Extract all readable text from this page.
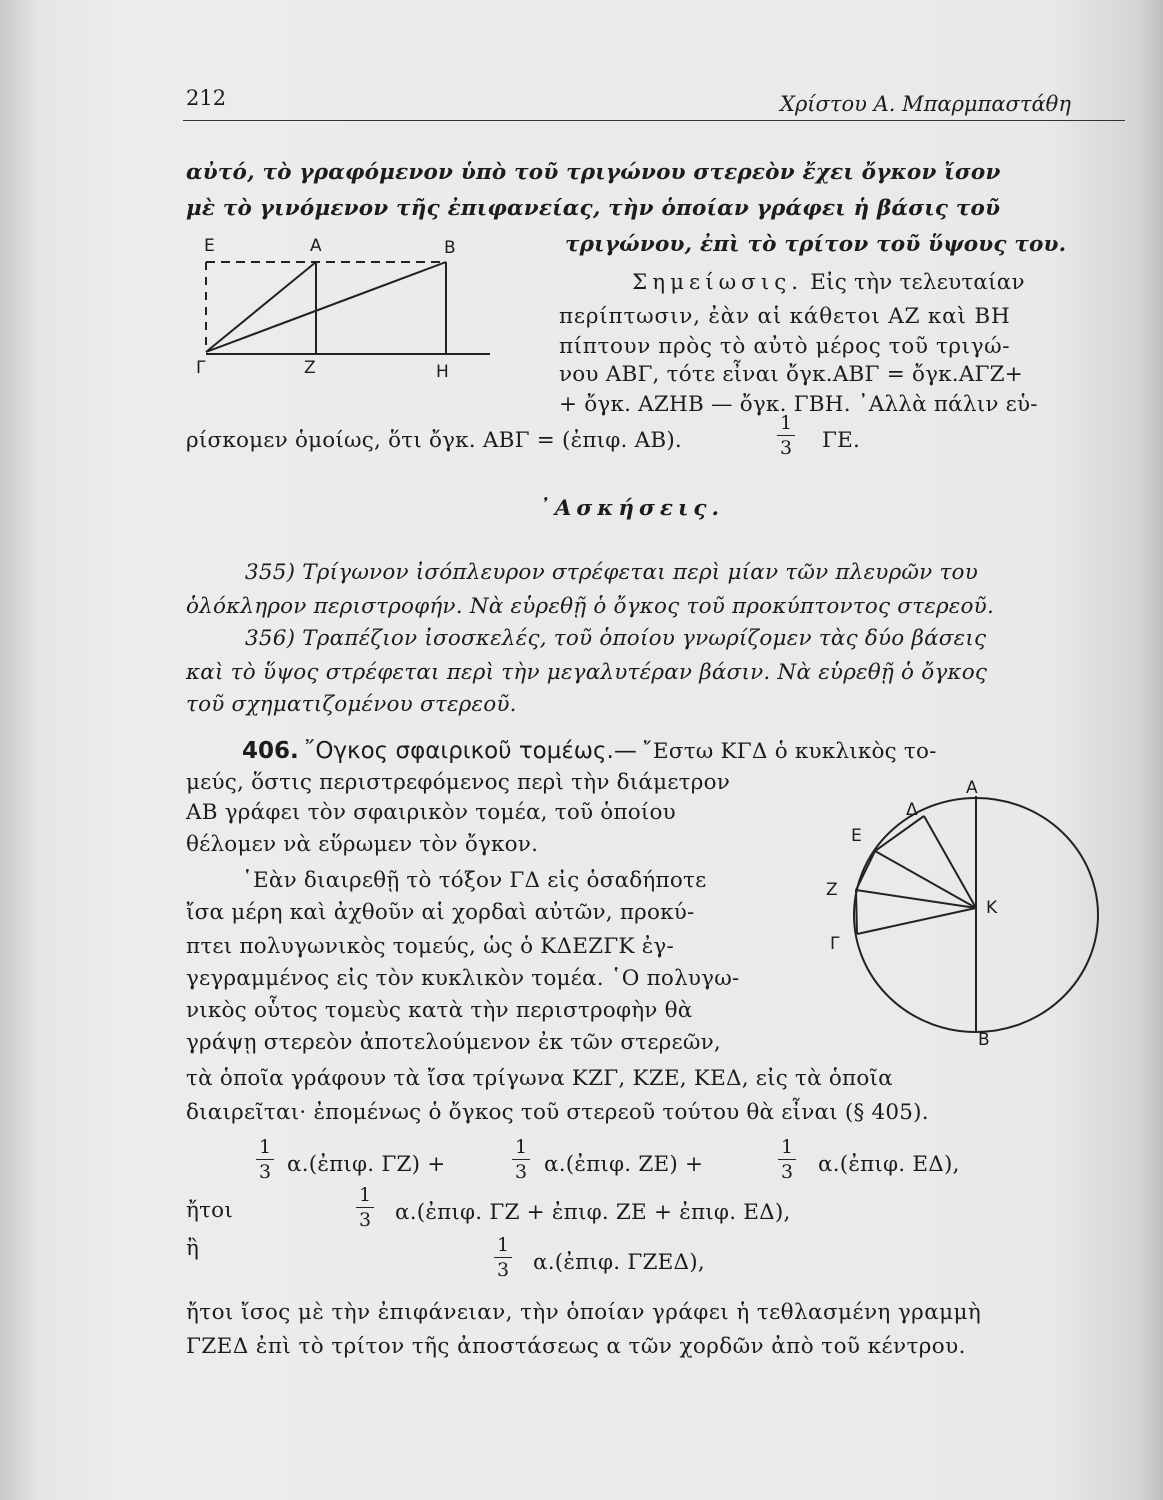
212	Χρίστου Α. Μπαρμπαστάθη
αὐτό, τὸ γραφόμενον ὑπὸ τοῦ τριγώνου στερεὸν ἔχει ὄγκον ἴσον
μὲ τὸ γινόμενον τῆς ἐπιφανείας, τὴν ὁποίαν γράφει ἡ βάσις τοῦ
τριγώνου, ἐπὶ τὸ τρίτον τοῦ ὕψους του.
Ε	Α	Β
Γ	Ζ	Η
Σημείωσις. Εἰς τὴν τελευταίαν
περίπτωσιν, ἐὰν αἱ κάθετοι ΑΖ καὶ ΒΗ
πίπτουν πρὸς τὸ αὐτὸ μέρος τοῦ τριγώ-
νου ΑΒΓ, τότε εἶναι ὄγκ.ΑΒΓ = ὄγκ.ΑΓΖ+
+ ὄγκ. ΑΖΗΒ — ὄγκ. ΓΒΗ. ᾿Αλλὰ πάλιν εὑ-
ρίσκομεν ὁμοίως, ὅτι ὄγκ. ΑΒΓ = (ἐπιφ. ΑΒ).	$\frac{1}{3} \Gamma E$.
᾿Ασκήσεις.
355) Τρίγωνον ἰσόπλευρον στρέφεται περὶ μίαν τῶν πλευρῶν του
ὁλόκληρον περιστροφήν. Νὰ εὑρεθῇ ὁ ὄγκος τοῦ προκύπτοντος στερεοῦ.
356) Τραπέζιον ἰσοσκελές, τοῦ ὁποίου γνωρίζομεν τὰς δύο βάσεις
καὶ τὸ ὕψος στρέφεται περὶ τὴν μεγαλυτέραν βάσιν. Νὰ εὑρεθῇ ὁ ὄγκος
τοῦ σχηματιζομένου στερεοῦ.
406. ῎Ογκος σφαιρικοῦ τομέως.— ῎Εστω ΚΓΔ ὁ κυκλικὸς το-
μεύς, ὅστις περιστρεφόμενος περὶ τὴν διάμετρον
ΑΒ γράφει τὸν σφαιρικὸν τομέα, τοῦ ὁποίου
θέλομεν νὰ εὕρωμεν τὸν ὄγκον.
῾Εὰν διαιρεθῇ τὸ τόξον ΓΔ εἰς ὁσαδήποτε
ἴσα μέρη καὶ ἀχθοῦν αἱ χορδαὶ αὐτῶν, προκύ-
πτει πολυγωνικὸς τομεύς, ὡς ὁ ΚΔΕΖΓΚ ἐγ-
γεγραμμένος εἰς τὸν κυκλικὸν τομέα. ῾Ο πολυγω-
νικὸς οὗτος τομεὺς κατὰ τὴν περιστροφὴν θὰ
γράψῃ στερεὸν ἀποτελούμενον ἐκ τῶν στερεῶν,
τὰ ὁποῖα γράφουν τὰ ἴσα τρίγωνα ΚΖΓ, ΚΖΕ, ΚΕΔ, εἰς τὰ ὁποῖα
διαιρεῖται· ἐπομένως ὁ ὄγκος τοῦ στερεοῦ τούτου θὰ εἶναι (§ 405).
Α
Δ
Ε
Ζ
Κ
Γ
Β
$\frac{1}{3}$ α.(ἐπιφ. ΓΖ) +	$\frac{1}{3}$ α.(ἐπιφ. ΖΕ) +	$\frac{1}{3}$ α.(ἐπιφ. ΕΔ),
ἤτοι	$\frac{1}{3}$ α.(ἐπιφ. ΓΖ + ἐπιφ. ΖΕ + ἐπιφ. ΕΔ),
ἢ	$\frac{1}{3}$ α.(ἐπιφ. ΓΖΕΔ),
ἤτοι ἴσος μὲ τὴν ἐπιφάνειαν, τὴν ὁποίαν γράφει ἡ τεθλασμένη γραμμὴ
ΓΖΕΔ ἐπὶ τὸ τρίτον τῆς ἀποστάσεως α τῶν χορδῶν ἀπὸ τοῦ κέντρου.
